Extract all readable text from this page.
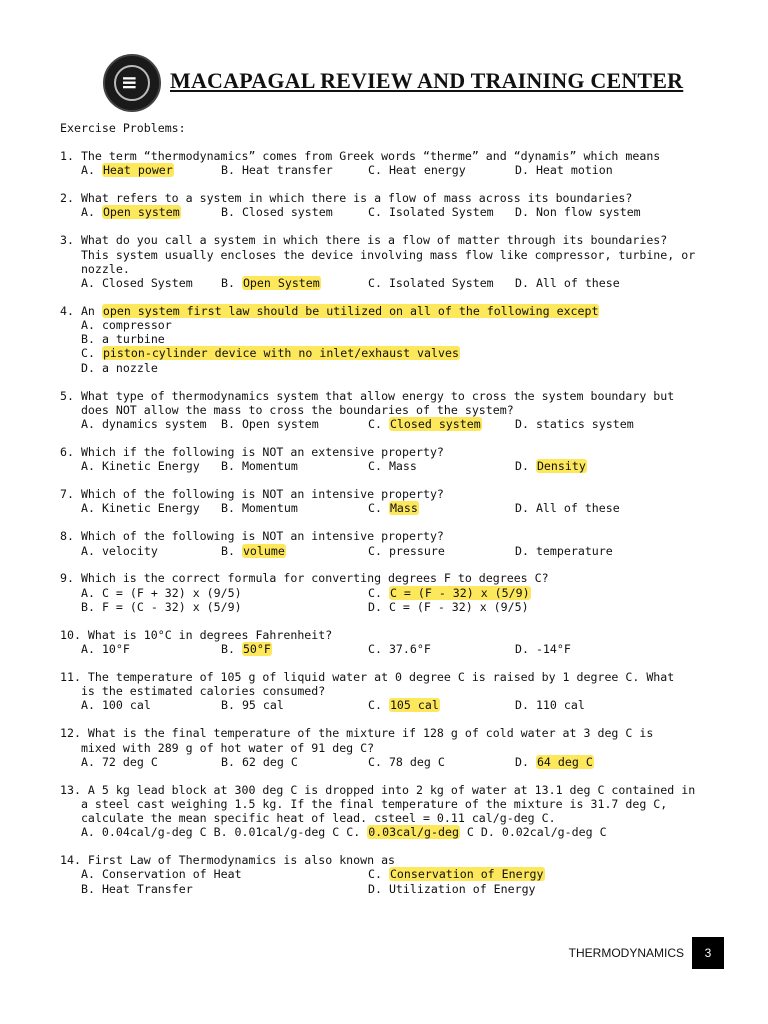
≡ MACAPAGAL REVIEW AND TRAINING CENTER
Exercise Problems:
1. The term “thermodynamics” comes from Greek words “therme” and “dynamis” which means
A. Heat power	B. Heat transfer	C. Heat energy	D. Heat motion
2. What refers to a system in which there is a flow of mass across its boundaries?
A. Open system	B. Closed system	C. Isolated System D. Non flow system
3. What do you call a system in which there is a flow of matter through its boundaries?
This system usually encloses the device involving mass flow like compressor, turbine, or
nozzle.
A. Closed System B. Open System	C. Isolated System D. All of these
4. An open system first law should be utilized on all of the following except
A. compressor
B. a turbine
C. piston-cylinder device with no inlet/exhaust valves
D. a nozzle
5. What type of thermodynamics system that allow energy to cross the system boundary but
does NOT allow the mass to cross the boundaries of the system?
A. dynamics system B. Open system	C. Closed system	D. statics system
6. Which if the following is NOT an extensive property?
A. Kinetic Energy B. Momentum	C. Mass	D. Density
7. Which of the following is NOT an intensive property?
A. Kinetic Energy B. Momentum	C. Mass	D. All of these
8. Which of the following is NOT an intensive property?
A. velocity	B. volume	C. pressure	D. temperature
9. Which is the correct formula for converting degrees F to degrees C?
A. C = (F + 32) x (9/5)	C. C = (F - 32) x (5/9)
B. F = (C - 32) x (5/9)	D. C = (F - 32) x (9/5)
10. What is 10°C in degrees Fahrenheit?
A. 10°F	B. 50°F	C. 37.6°F	D. -14°F
11. The temperature of 105 g of liquid water at 0 degree C is raised by 1 degree C. What
is the estimated calories consumed?
A. 100 cal	B. 95 cal	C. 105 cal	D. 110 cal
12. What is the final temperature of the mixture if 128 g of cold water at 3 deg C is
mixed with 289 g of hot water of 91 deg C?
A. 72 deg C	B. 62 deg C	C. 78 deg C	D. 64 deg C
13. A 5 kg lead block at 300 deg C is dropped into 2 kg of water at 13.1 deg C contained in
a steel cast weighing 1.5 kg. If the final temperature of the mixture is 31.7 deg C,
calculate the mean specific heat of lead. csteel = 0.11 cal/g-deg C.
A. 0.04cal/g-deg C B. 0.01cal/g-deg C C. 0.03cal/g-deg C D. 0.02cal/g-deg C
14. First Law of Thermodynamics is also known as
A. Conservation of Heat	C. Conservation of Energy
B. Heat Transfer	D. Utilization of Energy
THERMODYNAMICS	3
